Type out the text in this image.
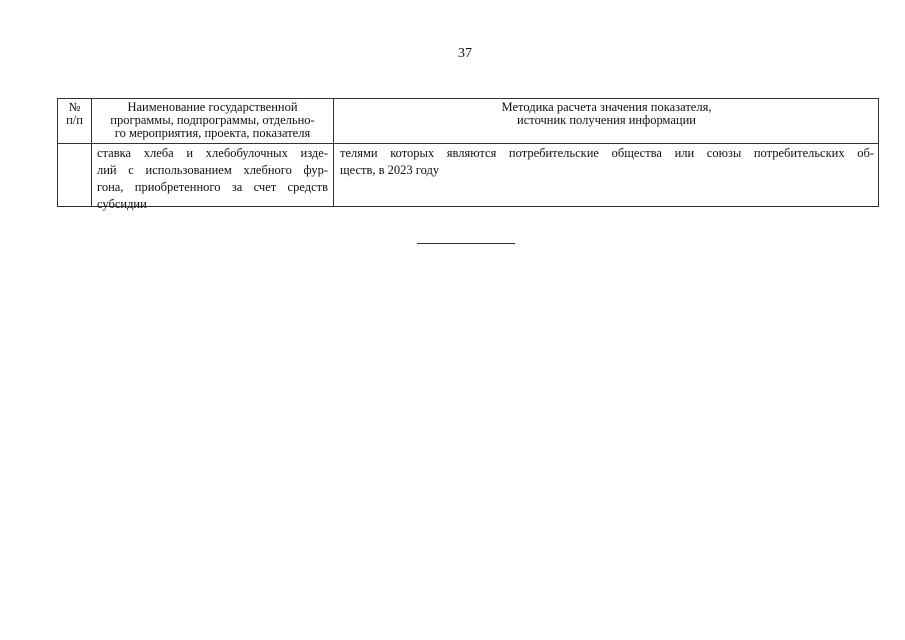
37
№
п/п
Наименование государственной
программы, подпрограммы, отдельно-
го мероприятия, проекта, показателя
Методика расчета значения показателя,
источник получения информации
ставка хлеба и хлебобулочных изде-
лий с использованием хлебного фур-
гона, приобретенного за счет средств
субсидии
телями которых являются потребительские общества или союзы потребительских об-
ществ, в 2023 году
